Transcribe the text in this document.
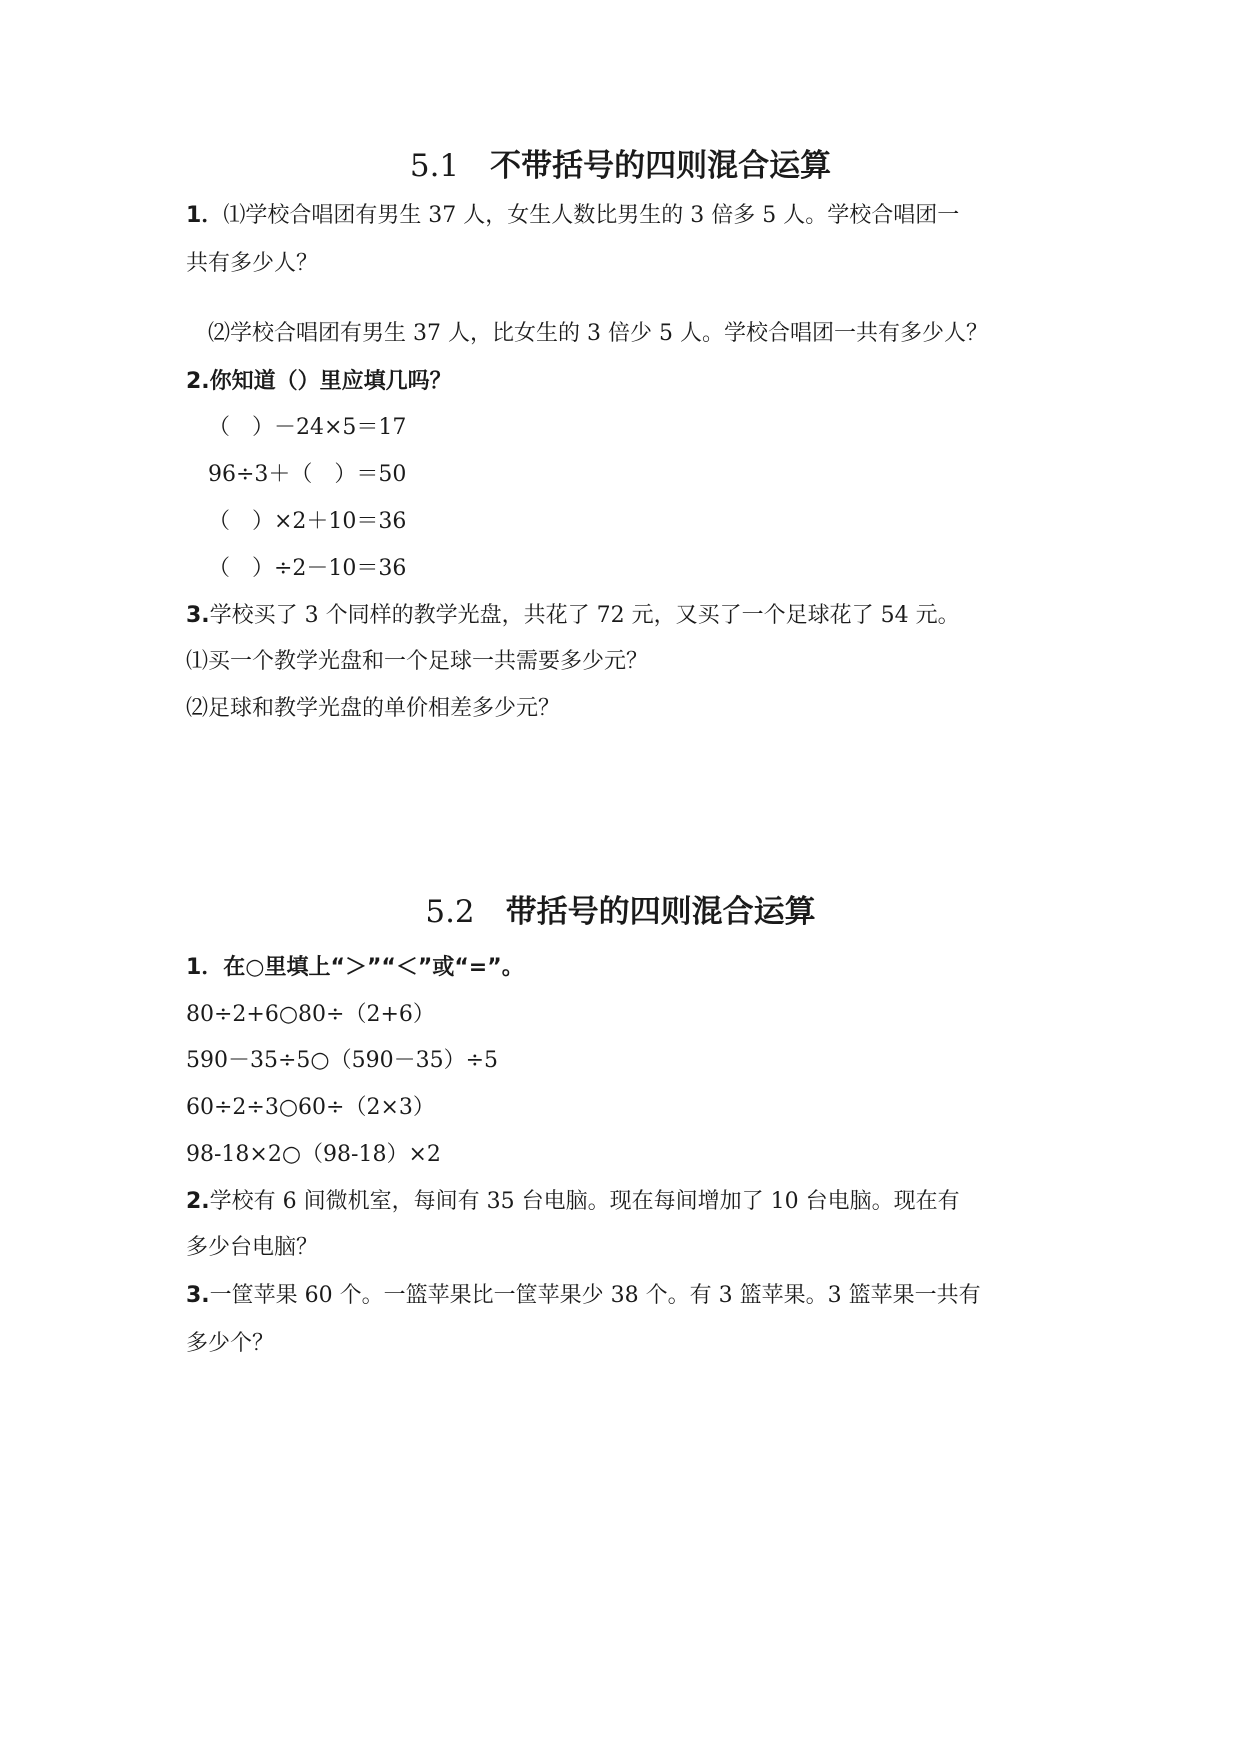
5.1　 不带括号的四则混合运算
1．⑴学校合唱团有男生 37 人，女生人数比男生的 3 倍多 5 人。学校合唱团一
共有多少人？
⑵学校合唱团有男生 37 人，比女生的 3 倍少 5 人。学校合唱团一共有多少人？
2.你知道（）里应填几吗？
（　）－24×5＝17
96÷3＋（　）＝50
（　）×2＋10＝36
（　）÷2－10＝36
3.学校买了 3 个同样的教学光盘，共花了 72 元，又买了一个足球花了 54 元。
⑴买一个教学光盘和一个足球一共需要多少元？
⑵足球和教学光盘的单价相差多少元？
5.2　 带括号的四则混合运算
1．在○里填上“＞”“＜”或“=”。
80÷2+6○80÷（2+6）
590－35÷5○（590－35）÷5
60÷2÷3○60÷（2×3）
98-18×2○（98-18）×2
2.学校有 6 间微机室，每间有 35 台电脑。现在每间增加了 10 台电脑。现在有
多少台电脑？
3.一筐苹果 60 个。一篮苹果比一筐苹果少 38 个。有 3 篮苹果。3 篮苹果一共有
多少个？
